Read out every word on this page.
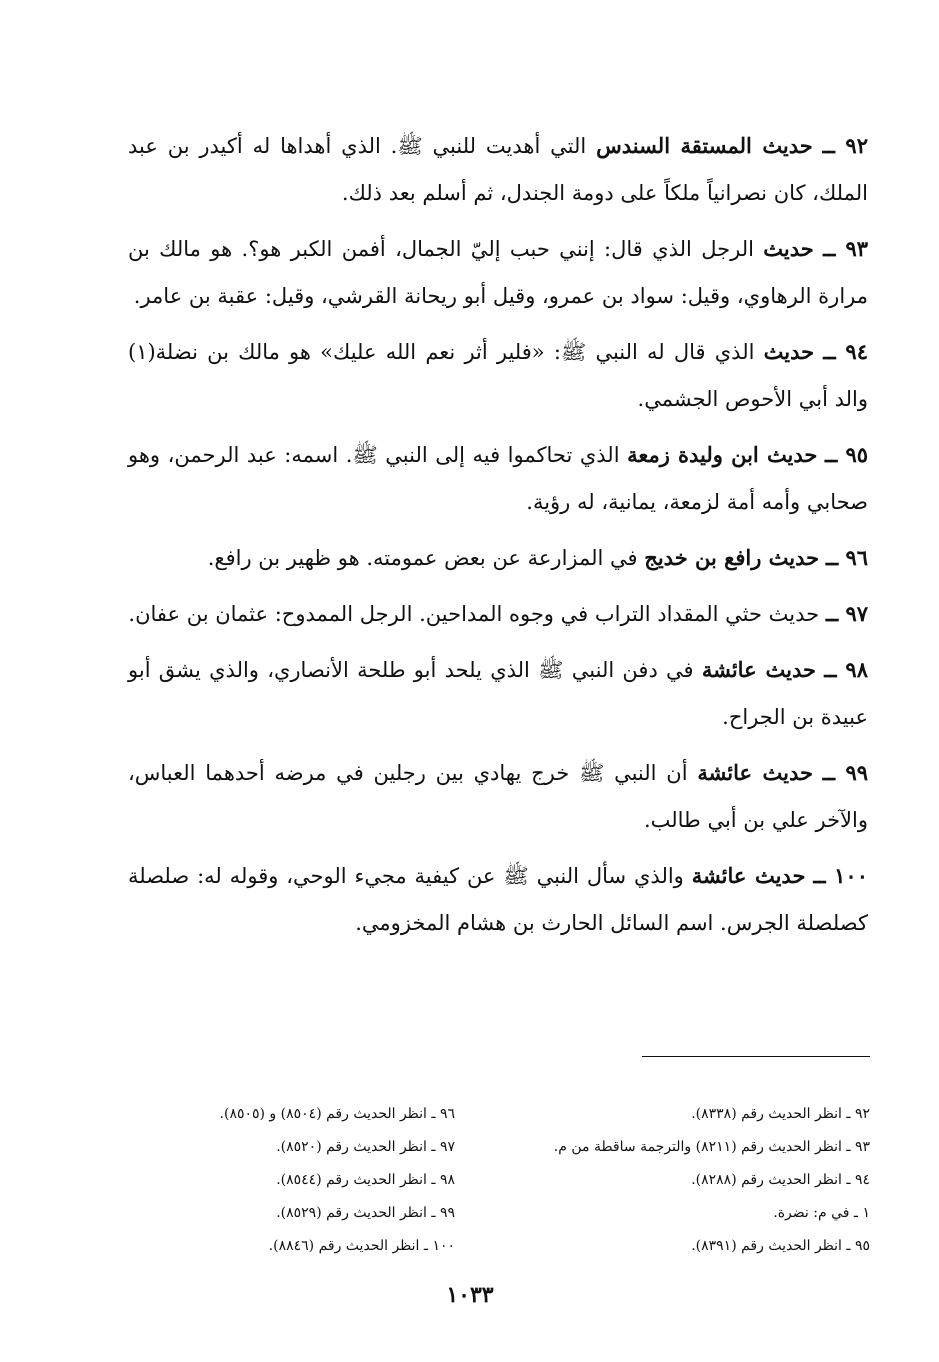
٩٢ ــ حديث المستقة السندس التي أهديت للنبي ﷺ. الذي أهداها له أكيدر بن عبد الملك، كان نصرانياً ملكاً على دومة الجندل، ثم أسلم بعد ذلك.

٩٣ ــ حديث الرجل الذي قال: إنني حبب إليّ الجمال، أفمن الكبر هو؟. هو مالك بن مرارة الرهاوي، وقيل: سواد بن عمرو، وقيل أبو ريحانة القرشي، وقيل: عقبة بن عامر.

٩٤ ــ حديث الذي قال له النبي ﷺ: «فلير أثر نعم الله عليك» هو مالك بن نضلة(١) والد أبي الأحوص الجشمي.

٩٥ ــ حديث ابن وليدة زمعة الذي تحاكموا فيه إلى النبي ﷺ. اسمه: عبد الرحمن، وهو صحابي وأمه أمة لزمعة، يمانية، له رؤية.

٩٦ ــ حديث رافع بن خديج في المزارعة عن بعض عمومته. هو ظهير بن رافع.

٩٧ ــ حديث حثي المقداد التراب في وجوه المداحين. الرجل الممدوح: عثمان بن عفان.

٩٨ ــ حديث عائشة في دفن النبي ﷺ الذي يلحد أبو طلحة الأنصاري، والذي يشق أبو عبيدة بن الجراح.

٩٩ ــ حديث عائشة أن النبي ﷺ خرج يهادي بين رجلين في مرضه أحدهما العباس، والآخر علي بن أبي طالب.

١٠٠ ــ حديث عائشة والذي سأل النبي ﷺ عن كيفية مجيء الوحي، وقوله له: صلصلة كصلصلة الجرس. اسم السائل الحارث بن هشام المخزومي.

٩٢ ـ انظر الحديث رقم (٨٣٣٨).
٩٣ ـ انظر الحديث رقم (٨٢١١) والترجمة ساقطة من م.
٩٤ ـ انظر الحديث رقم (٨٢٨٨).
١ ـ في م: نضرة.
٩٥ ـ انظر الحديث رقم (٨٣٩١).
٩٦ ـ انظر الحديث رقم (٨٥٠٤) و (٨٥٠٥).
٩٧ ـ انظر الحديث رقم (٨٥٢٠).
٩٨ ـ انظر الحديث رقم (٨٥٤٤).
٩٩ ـ انظر الحديث رقم (٨٥٢٩).
١٠٠ ـ انظر الحديث رقم (٨٨٤٦).
١٠٣٣
